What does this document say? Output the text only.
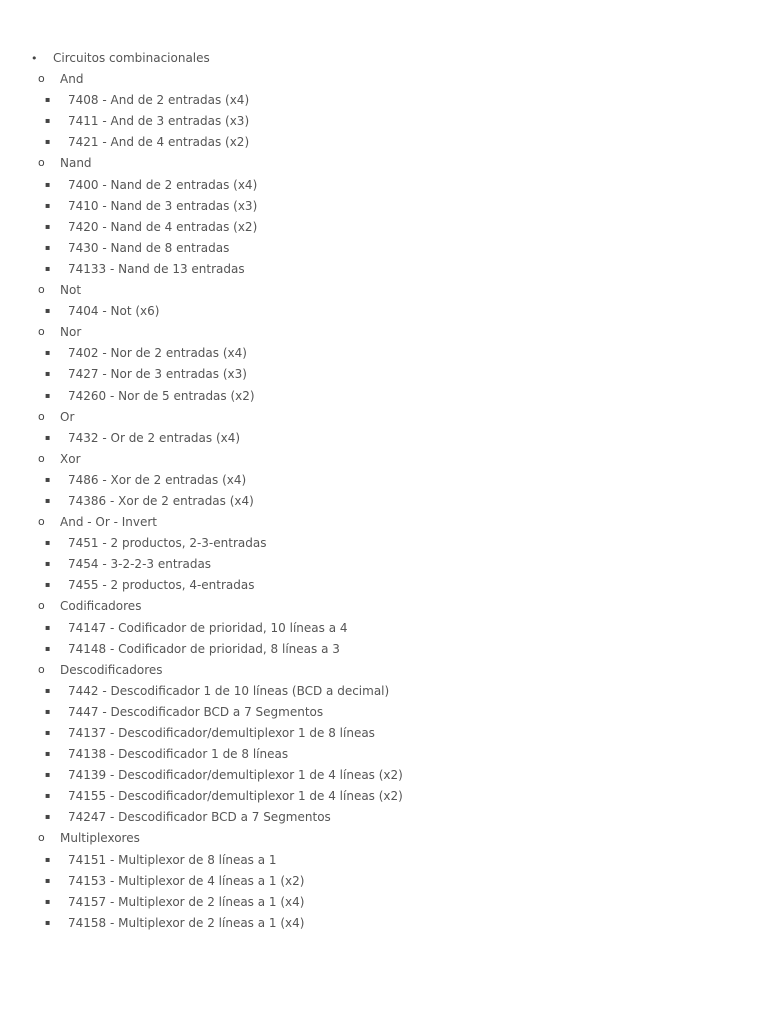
• Circuitos combinacionales
o And
▪ 7408 - And de 2 entradas (x4)
▪ 7411 - And de 3 entradas (x3)
▪ 7421 - And de 4 entradas (x2)
o Nand
▪ 7400 - Nand de 2 entradas (x4)
▪ 7410 - Nand de 3 entradas (x3)
▪ 7420 - Nand de 4 entradas (x2)
▪ 7430 - Nand de 8 entradas
▪ 74133 - Nand de 13 entradas
o Not
▪ 7404 - Not (x6)
o Nor
▪ 7402 - Nor de 2 entradas (x4)
▪ 7427 - Nor de 3 entradas (x3)
▪ 74260 - Nor de 5 entradas (x2)
o Or
▪ 7432 - Or de 2 entradas (x4)
o Xor
▪ 7486 - Xor de 2 entradas (x4)
▪ 74386 - Xor de 2 entradas (x4)
o And - Or - Invert
▪ 7451 - 2 productos, 2-3-entradas
▪ 7454 - 3-2-2-3 entradas
▪ 7455 - 2 productos, 4-entradas
o Codificadores
▪ 74147 - Codificador de prioridad, 10 líneas a 4
▪ 74148 - Codificador de prioridad, 8 líneas a 3
o Descodificadores
▪ 7442 - Descodificador 1 de 10 líneas (BCD a decimal)
▪ 7447 - Descodificador BCD a 7 Segmentos
▪ 74137 - Descodificador/demultiplexor 1 de 8 líneas
▪ 74138 - Descodificador 1 de 8 líneas
▪ 74139 - Descodificador/demultiplexor 1 de 4 líneas (x2)
▪ 74155 - Descodificador/demultiplexor 1 de 4 líneas (x2)
▪ 74247 - Descodificador BCD a 7 Segmentos
o Multiplexores
▪ 74151 - Multiplexor de 8 líneas a 1
▪ 74153 - Multiplexor de 4 líneas a 1 (x2)
▪ 74157 - Multiplexor de 2 líneas a 1 (x4)
▪ 74158 - Multiplexor de 2 líneas a 1 (x4)
